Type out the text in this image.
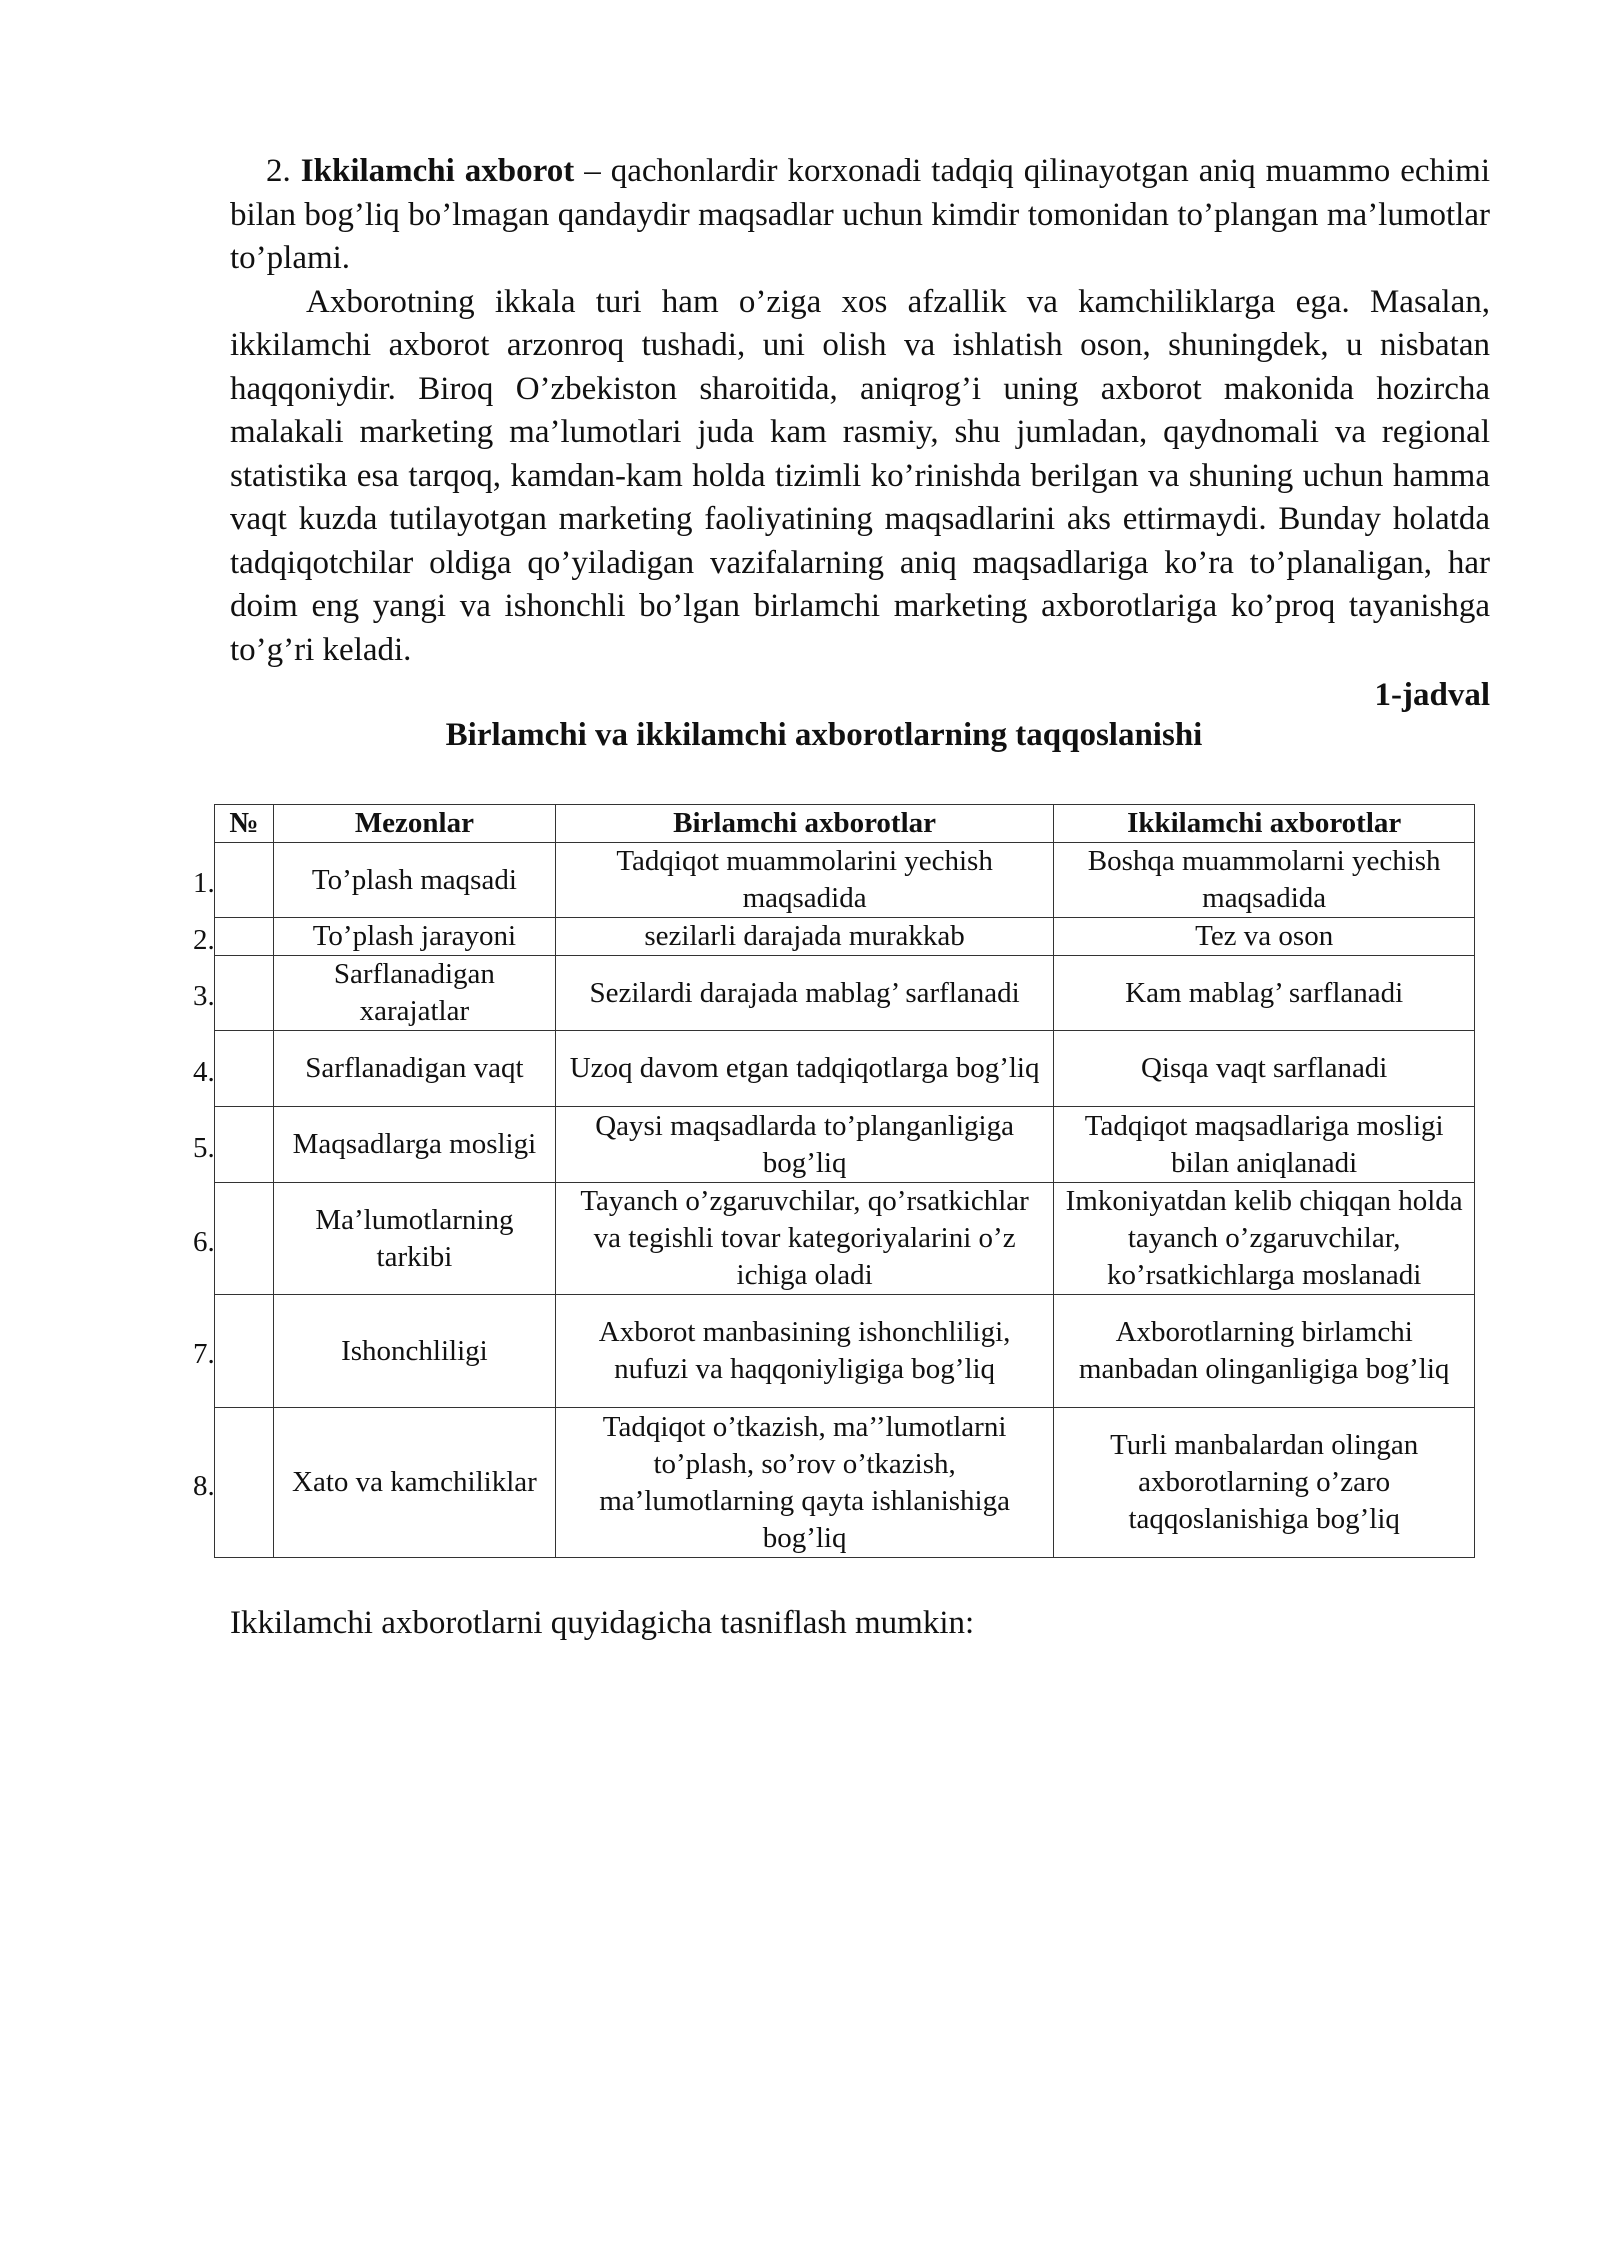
2. Ikkilamchi axborot – qachonlardir korxonadi tadqiq qilinayotgan aniq muammo echimi bilan bog’liq bo’lmagan qandaydir maqsadlar uchun kimdir tomonidan to’plangan ma’lumotlar to’plami.

Axborotning ikkala turi ham o’ziga xos afzallik va kamchiliklarga ega. Masalan, ikkilamchi axborot arzonroq tushadi, uni olish va ishlatish oson, shuningdek, u nisbatan haqqoniydir. Biroq O’zbekiston sharoitida, aniqrog’i uning axborot makonida hozircha malakali marketing ma’lumotlari juda kam rasmiy, shu jumladan, qaydnomali va regional statistika esa tarqoq, kamdan-kam holda tizimli ko’rinishda berilgan va shuning uchun hamma vaqt kuzda tutilayotgan marketing faoliyatining maqsadlarini aks ettirmaydi. Bunday holatda tadqiqotchilar oldiga qo’yiladigan vazifalarning aniq maqsadlariga ko’ra to’planaligan, har doim eng yangi va ishonchli bo’lgan birlamchi marketing axborotlariga ko’proq tayanishga to’g’ri keladi.

1-jadval
Birlamchi va ikkilamchi axborotlarning taqqoslanishi
№	Mezonlar	Birlamchi axborotlar	Ikkilamchi axborotlar

1.	To’plash maqsadi	Tadqiqot muammolarini yechish maqsadida	Boshqa muammolarni yechish maqsadida

2.	To’plash jarayoni	sezilarli darajada murakkab	Tez va oson

3.	Sarflanadigan xarajatlar	Sezilardi darajada mablag’ sarflanadi	Kam mablag’ sarflanadi

4.	Sarflanadigan vaqt	Uzoq davom etgan tadqiqotlarga bog’liq	Qisqa vaqt sarflanadi

5.	Maqsadlarga mosligi	Qaysi maqsadlarda to’planganligiga bog’liq	Tadqiqot maqsadlariga mosligi bilan aniqlanadi

6.	Ma’lumotlarning tarkibi	Tayanch o’zgaruvchilar, qo’rsatkichlar va tegishli tovar kategoriyalarini o’z ichiga oladi	Imkoniyatdan kelib chiqqan holda tayanch o’zgaruvchilar, ko’rsatkichlarga moslanadi

7.	Ishonchliligi	Axborot manbasining ishonchliligi, nufuzi va haqqoniyligiga bog’liq	Axborotlarning birlamchi manbadan olinganligiga bog’liq

8.	Xato va kamchiliklar	Tadqiqot o’tkazish, ma’’lumotlarni to’plash, so’rov o’tkazish, ma’lumotlarning qayta ishlanishiga bog’liq	Turli manbalardan olingan axborotlarning o’zaro taqqoslanishiga bog’liq
Ikkilamchi axborotlarni quyidagicha tasniflash mumkin:
